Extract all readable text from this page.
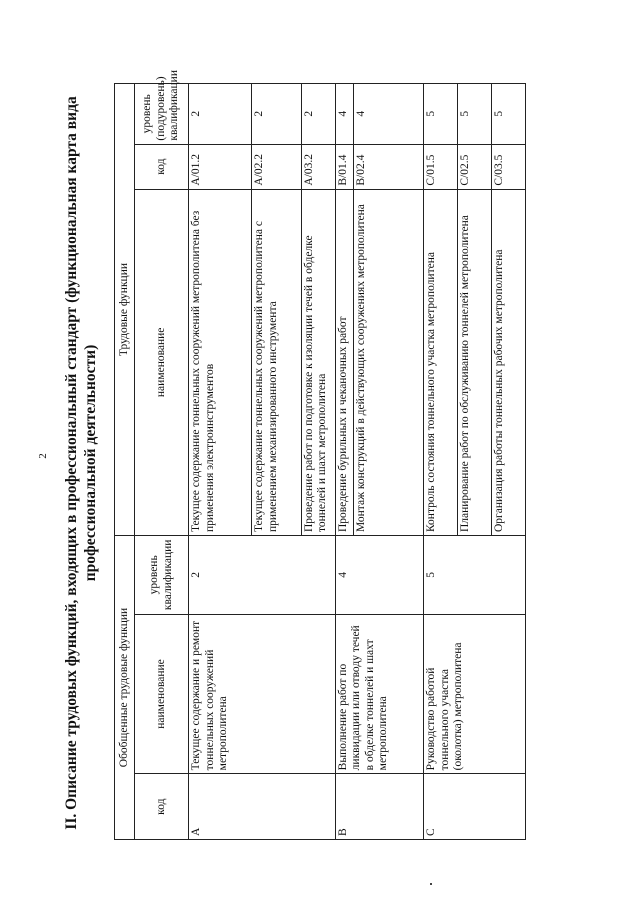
2 II. Описание трудовых функций, входящих в профессиональный стандарт (функциональная карта вида профессиональной деятельности)

Обобщенные трудовые функции			Трудовые функции		
код	наименование	уровень квалификации	наименование	код	уровень (подуровень) квалификации
A	Текущее содержание и ремонт тоннельных сооружений метрополитена	2	Текущее содержание тоннельных сооружений метрополитена без применения электроинструментов	A/01.2	2
			Текущее содержание тоннельных сооружений метрополитена с применением механизированного инструмента	A/02.2	2
			Проведение работ по подготовке к изоляции течей в обделке тоннелей и шахт метрополитена	A/03.2	2
B	Выполнение работ по ликвидации или отводу течей в обделке тоннелей и шахт метрополитена	4	Проведение бурильных и чеканочных работ	B/01.4	4
			Монтаж конструкций в действующих сооружениях метрополитена	B/02.4	4
C	Руководство работой тоннельного участка (околотка) метрополитена	5	Контроль состояния тоннельного участка метрополитена	C/01.5	5
			Планирование работ по обслуживанию тоннелей метрополитена	C/02.5	5
			Организация работы тоннельных рабочих метрополитена	C/03.5	5
